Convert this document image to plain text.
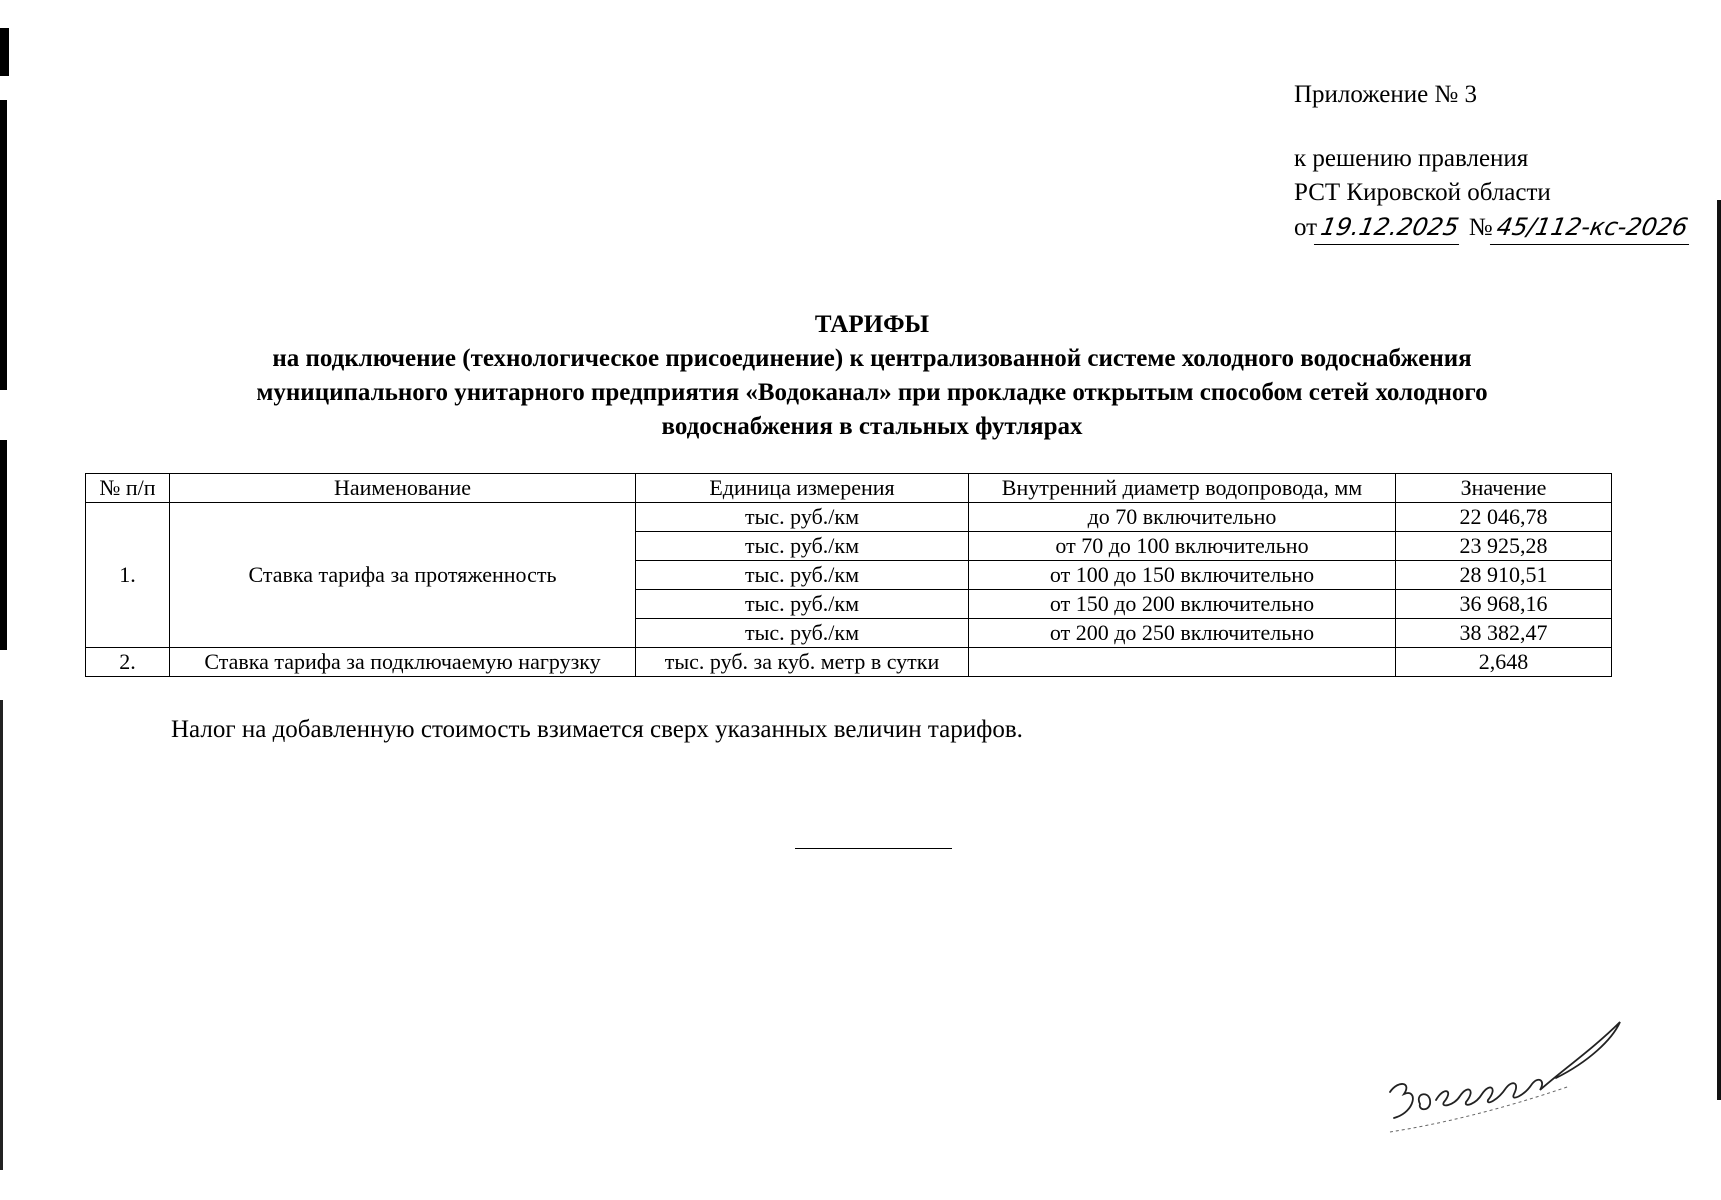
Приложение № 3
к решению правления
РСТ Кировской области
от19.12.2025 №45/112-кс-2026
ТАРИФЫ
на подключение (технологическое присоединение) к централизованной системе холодного водоснабжения
муниципального унитарного предприятия «Водоканал» при прокладке открытым способом сетей холодного
водоснабжения в стальных футлярах
№ п/п	Наименование	Единица измерения	Внутренний диаметр водопровода, мм	Значение
1.	Ставка тарифа за протяженность	тыс. руб./км	до 70 включительно	22 046,78
		тыс. руб./км	от 70 до 100 включительно	23 925,28
		тыс. руб./км	от 100 до 150 включительно	28 910,51
		тыс. руб./км	от 150 до 200 включительно	36 968,16
		тыс. руб./км	от 200 до 250 включительно	38 382,47
2.	Ставка тарифа за подключаемую нагрузку	тыс. руб. за куб. метр в сутки		2,648
Налог на добавленную стоимость взимается сверх указанных величин тарифов.
